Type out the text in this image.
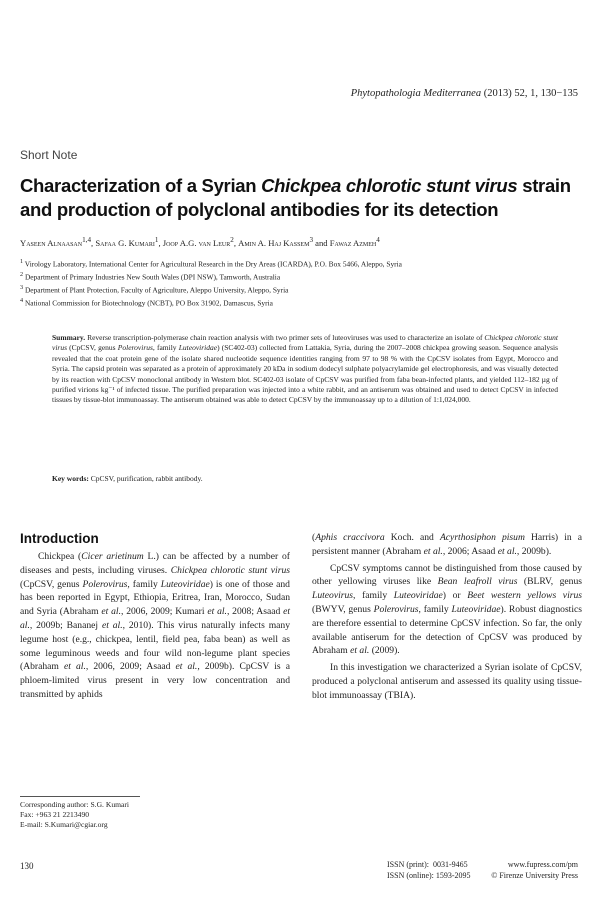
Phytopathologia Mediterranea (2013) 52, 1, 130−135
Short Note
Characterization of a Syrian Chickpea chlorotic stunt virus strain and production of polyclonal antibodies for its detection
Yaseen Alnaasan$^{1,4}$, Safaa G. Kumari$^1$, Joop A.G. van Leur$^2$, Amin A. Haj Kassem$^3$ and Fawaz Azmeh$^4$
$^1$ Virology Laboratory, International Center for Agricultural Research in the Dry Areas (ICARDA), P.O. Box 5466, Aleppo, Syria
$^2$ Department of Primary Industries New South Wales (DPI NSW), Tamworth, Australia
$^3$ Department of Plant Protection, Faculty of Agriculture, Aleppo University, Aleppo, Syria
$^4$ National Commission for Biotechnology (NCBT), PO Box 31902, Damascus, Syria
Summary. Reverse transcription-polymerase chain reaction analysis with two primer sets of luteoviruses was used to characterize an isolate of Chickpea chlorotic stunt virus (CpCSV, genus Polerovirus, family Luteoviridae) (SC402-03) collected from Lattakia, Syria, during the 2007–2008 chickpea growing season. Sequence analysis revealed that the coat protein gene of the isolate shared nucleotide sequence identities ranging from 97 to 98 % with the CpCSV isolates from Egypt, Morocco and Syria. The capsid protein was separated as a protein of approximately 20 kDa in sodium dodecyl sulphate polyacrylamide gel electrophoresis, and was visually detected by its reaction with CpCSV monoclonal antibody in Western blot. SC402-03 isolate of CpCSV was purified from faba bean-infected plants, and yielded 112–182 µg of purified virions kg⁻¹ of infected tissue. The purified preparation was injected into a white rabbit, and an antiserum was obtained and used to detect CpCSV in infected tissues by tissue-blot immunoassay. The antiserum obtained was able to detect CpCSV by the immunoassay up to a dilution of 1:1,024,000.
Key words: CpCSV, purification, rabbit antibody.
Introduction

Chickpea (Cicer arietinum L.) can be affected by a number of diseases and pests, including viruses. Chickpea chlorotic stunt virus (CpCSV, genus Polerovirus, family Luteoviridae) is one of those and has been reported in Egypt, Ethiopia, Eritrea, Iran, Morocco, Sudan and Syria (Abraham et al., 2006, 2009; Kumari et al., 2008; Asaad et al., 2009b; Bananej et al., 2010). This virus naturally infects many legume host (e.g., chickpea, lentil, field pea, faba bean) as well as some leguminous weeds and four wild non-legume plant species (Abraham et al., 2006, 2009; Asaad et al., 2009b). CpCSV is a phloem-limited virus present in very low concentration and transmitted by aphids

(Aphis craccivora Koch. and Acyrthosiphon pisum Harris) in a persistent manner (Abraham et al., 2006; Asaad et al., 2009b).

CpCSV symptoms cannot be distinguished from those caused by other yellowing viruses like Bean leafroll virus (BLRV, genus Luteovirus, family Luteoviridae) or Beet western yellows virus (BWYV, genus Polerovirus, family Luteoviridae). Robust diagnostics are therefore essential to determine CpCSV infection. So far, the only available antiserum for the detection of CpCSV was produced by Abraham et al. (2009).

In this investigation we characterized a Syrian isolate of CpCSV, produced a polyclonal antiserum and assessed its quality using tissue-blot immunoassay (TBIA).

Corresponding author: S.G. Kumari
Fax: +963 21 2213490
E-mail: S.Kumari@cgiar.org
130	ISSN (print):  0031-9465
ISSN (online): 1593-2095
www.fupress.com/pm
© Firenze University Press
